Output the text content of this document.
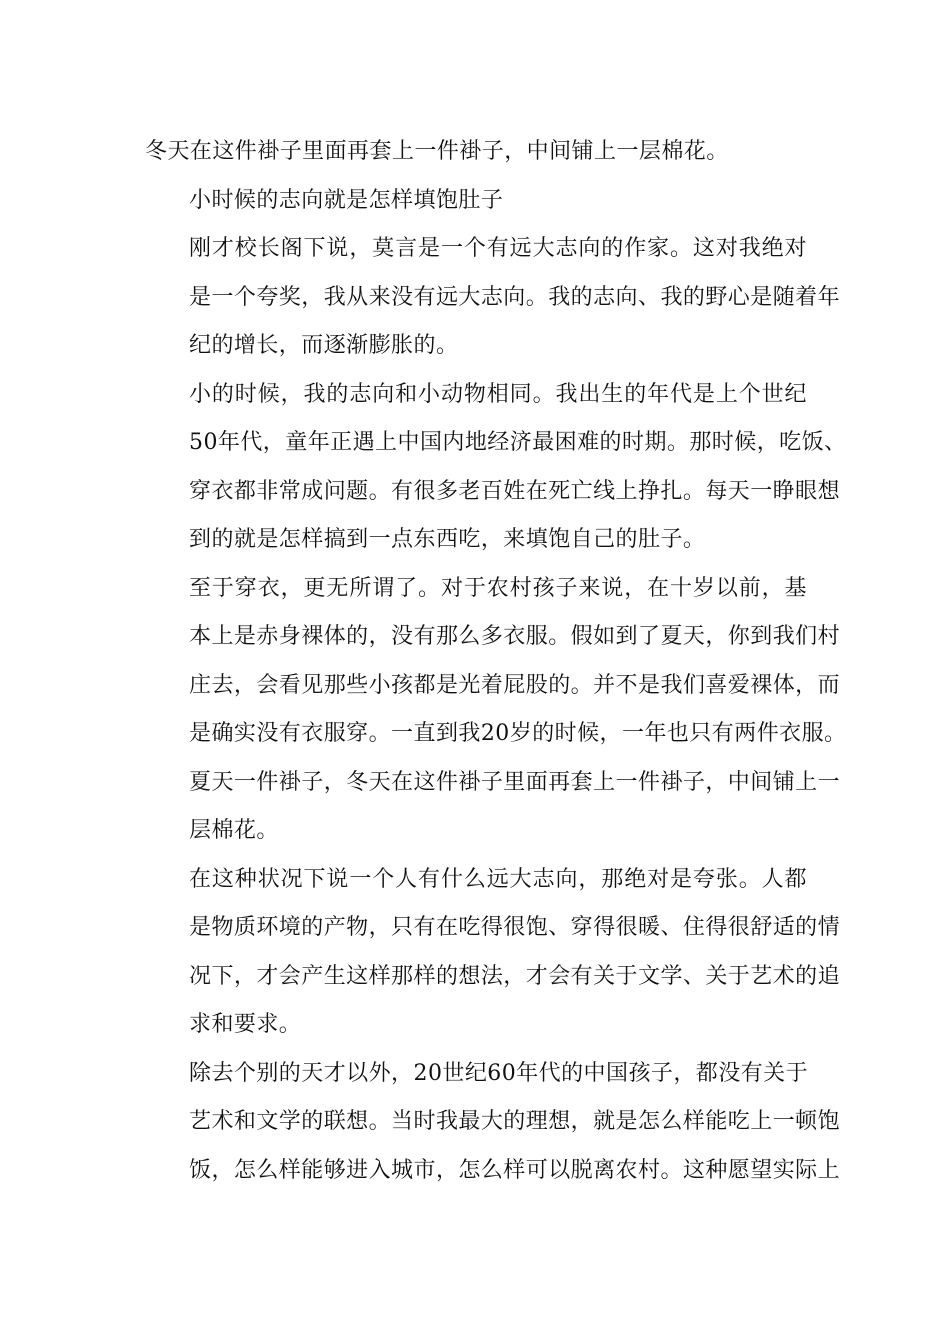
冬天在这件褂子里面再套上一件褂子，中间铺上一层棉花。

小时候的志向就是怎样填饱肚子

刚才校长阁下说，莫言是一个有远大志向的作家。这对我绝对
是一个夸奖，我从来没有远大志向。我的志向、我的野心是随着年
纪的增长，而逐渐膨胀的。

小的时候，我的志向和小动物相同。我出生的年代是上个世纪
50年代，童年正遇上中国内地经济最困难的时期。那时候，吃饭、
穿衣都非常成问题。有很多老百姓在死亡线上挣扎。每天一睁眼想
到的就是怎样搞到一点东西吃，来填饱自己的肚子。

至于穿衣，更无所谓了。对于农村孩子来说，在十岁以前，基
本上是赤身裸体的，没有那么多衣服。假如到了夏天，你到我们村
庄去，会看见那些小孩都是光着屁股的。并不是我们喜爱裸体，而
是确实没有衣服穿。一直到我20岁的时候，一年也只有两件衣服。
夏天一件褂子，冬天在这件褂子里面再套上一件褂子，中间铺上一
层棉花。

在这种状况下说一个人有什么远大志向，那绝对是夸张。人都
是物质环境的产物，只有在吃得很饱、穿得很暖、住得很舒适的情
况下，才会产生这样那样的想法，才会有关于文学、关于艺术的追
求和要求。

除去个别的天才以外，20世纪60年代的中国孩子，都没有关于
艺术和文学的联想。当时我最大的理想，就是怎么样能吃上一顿饱
饭，怎么样能够进入城市，怎么样可以脱离农村。这种愿望实际上
